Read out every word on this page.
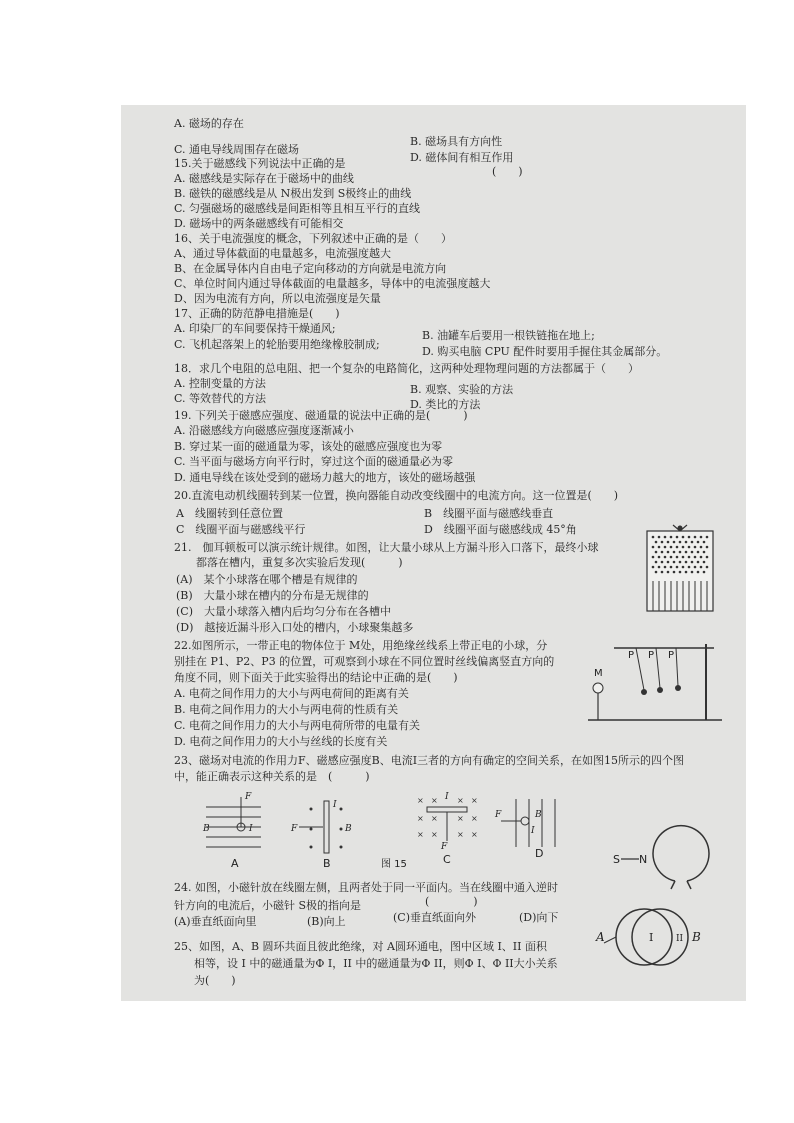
A. 磁场的存在
B. 磁场具有方向性
C. 通电导线周围存在磁场
D. 磁体间有相互作用
15.关于磁感线下列说法中正确的是
(　　)
A. 磁感线是实际存在于磁场中的曲线
B. 磁铁的磁感线是从 N极出发到 S极终止的曲线
C. 匀强磁场的磁感线是间距相等且相互平行的直线
D. 磁场中的两条磁感线有可能相交
16、关于电流强度的概念，下列叙述中正确的是（　　）
A、通过导体截面的电量越多，电流强度越大
B、在金属导体内自由电子定向移动的方向就是电流方向
C、单位时间内通过导体截面的电量越多，导体中的电流强度越大
D、因为电流有方向，所以电流强度是矢量
17、正确的防范静电措施是(　　)
A. 印染厂的车间要保持干燥通风;
B. 油罐车后要用一根铁链拖在地上;
C. 飞机起落架上的轮胎要用绝缘橡胶制成;
D. 购买电脑 CPU 配件时要用手握住其金属部分。
18．求几个电阻的总电阻、把一个复杂的电路简化，这两种处理物理问题的方法都属于（　　）
A. 控制变量的方法	B. 观察、实验的方法
C. 等效替代的方法	D. 类比的方法
19. 下列关于磁感应强度、磁通量的说法中正确的是(　　　)
A. 沿磁感线方向磁感应强度逐渐减小
B. 穿过某一面的磁通量为零，该处的磁感应强度也为零
C. 当平面与磁场方向平行时，穿过这个面的磁通量必为零
D. 通电导线在该处受到的磁场力越大的地方，该处的磁场越强
20.直流电动机线圈转到某一位置，换向器能自动改变线圈中的电流方向。这一位置是(　　)
A　线圈转到任意位置	B　线圈平面与磁感线垂直
C　线圈平面与磁感线平行	D　线圈平面与磁感线成 45°角
21.　伽耳顿板可以演示统计规律。如图，让大量小球从上方漏斗形入口落下，最终小球
都落在槽内，重复多次实验后发现(　　　)
(A)　某个小球落在哪个槽是有规律的
(B)　大量小球在槽内的分布是无规律的
(C)　大量小球落入槽内后均匀分布在各槽中
(D)　越接近漏斗形入口处的槽内，小球聚集越多
22.如图所示，一带正电的物体位于 M处，用绝缘丝线系上带正电的小球，分
别挂在 P1、P2、P3 的位置，可观察到小球在不同位置时丝线偏离竖直方向的
角度不同，则下面关于此实验得出的结论中正确的是(　　)
A. 电荷之间作用力的大小与两电荷间的距离有关
B. 电荷之间作用力的大小与两电荷的性质有关
C. 电荷之间作用力的大小与两电荷所带的电量有关
D. 电荷之间作用力的大小与丝线的长度有关
23、磁场对电流的作用力F、磁感应强度B、电流I三者的方向有确定的空间关系，在如图15所示的四个图
中，能正确表示这种关系的是　(　　　)
24. 如图，小磁针放在线圈左侧，且两者处于同一平面内。当在线圈中通入逆时
(　　　　)
针方向的电流后，小磁针 S极的指向是
(A)垂直纸面向里	(B)向上	(C)垂直纸面向外	(D)向下
25、如图，A、B 圆环共面且彼此绝缘，对 A圆环通电，图中区域 I、II 面积
相等，设 I 中的磁通量为Φ I，II 中的磁通量为Φ II，则Φ I、Φ II大小关系
为(　　)
P P P
M
F
B	I
A
F
I
B
B	图 15
× × × ×
× × × ×
× × × ×
I
F
C
F	B
I
D	S N
A	B
I	II
